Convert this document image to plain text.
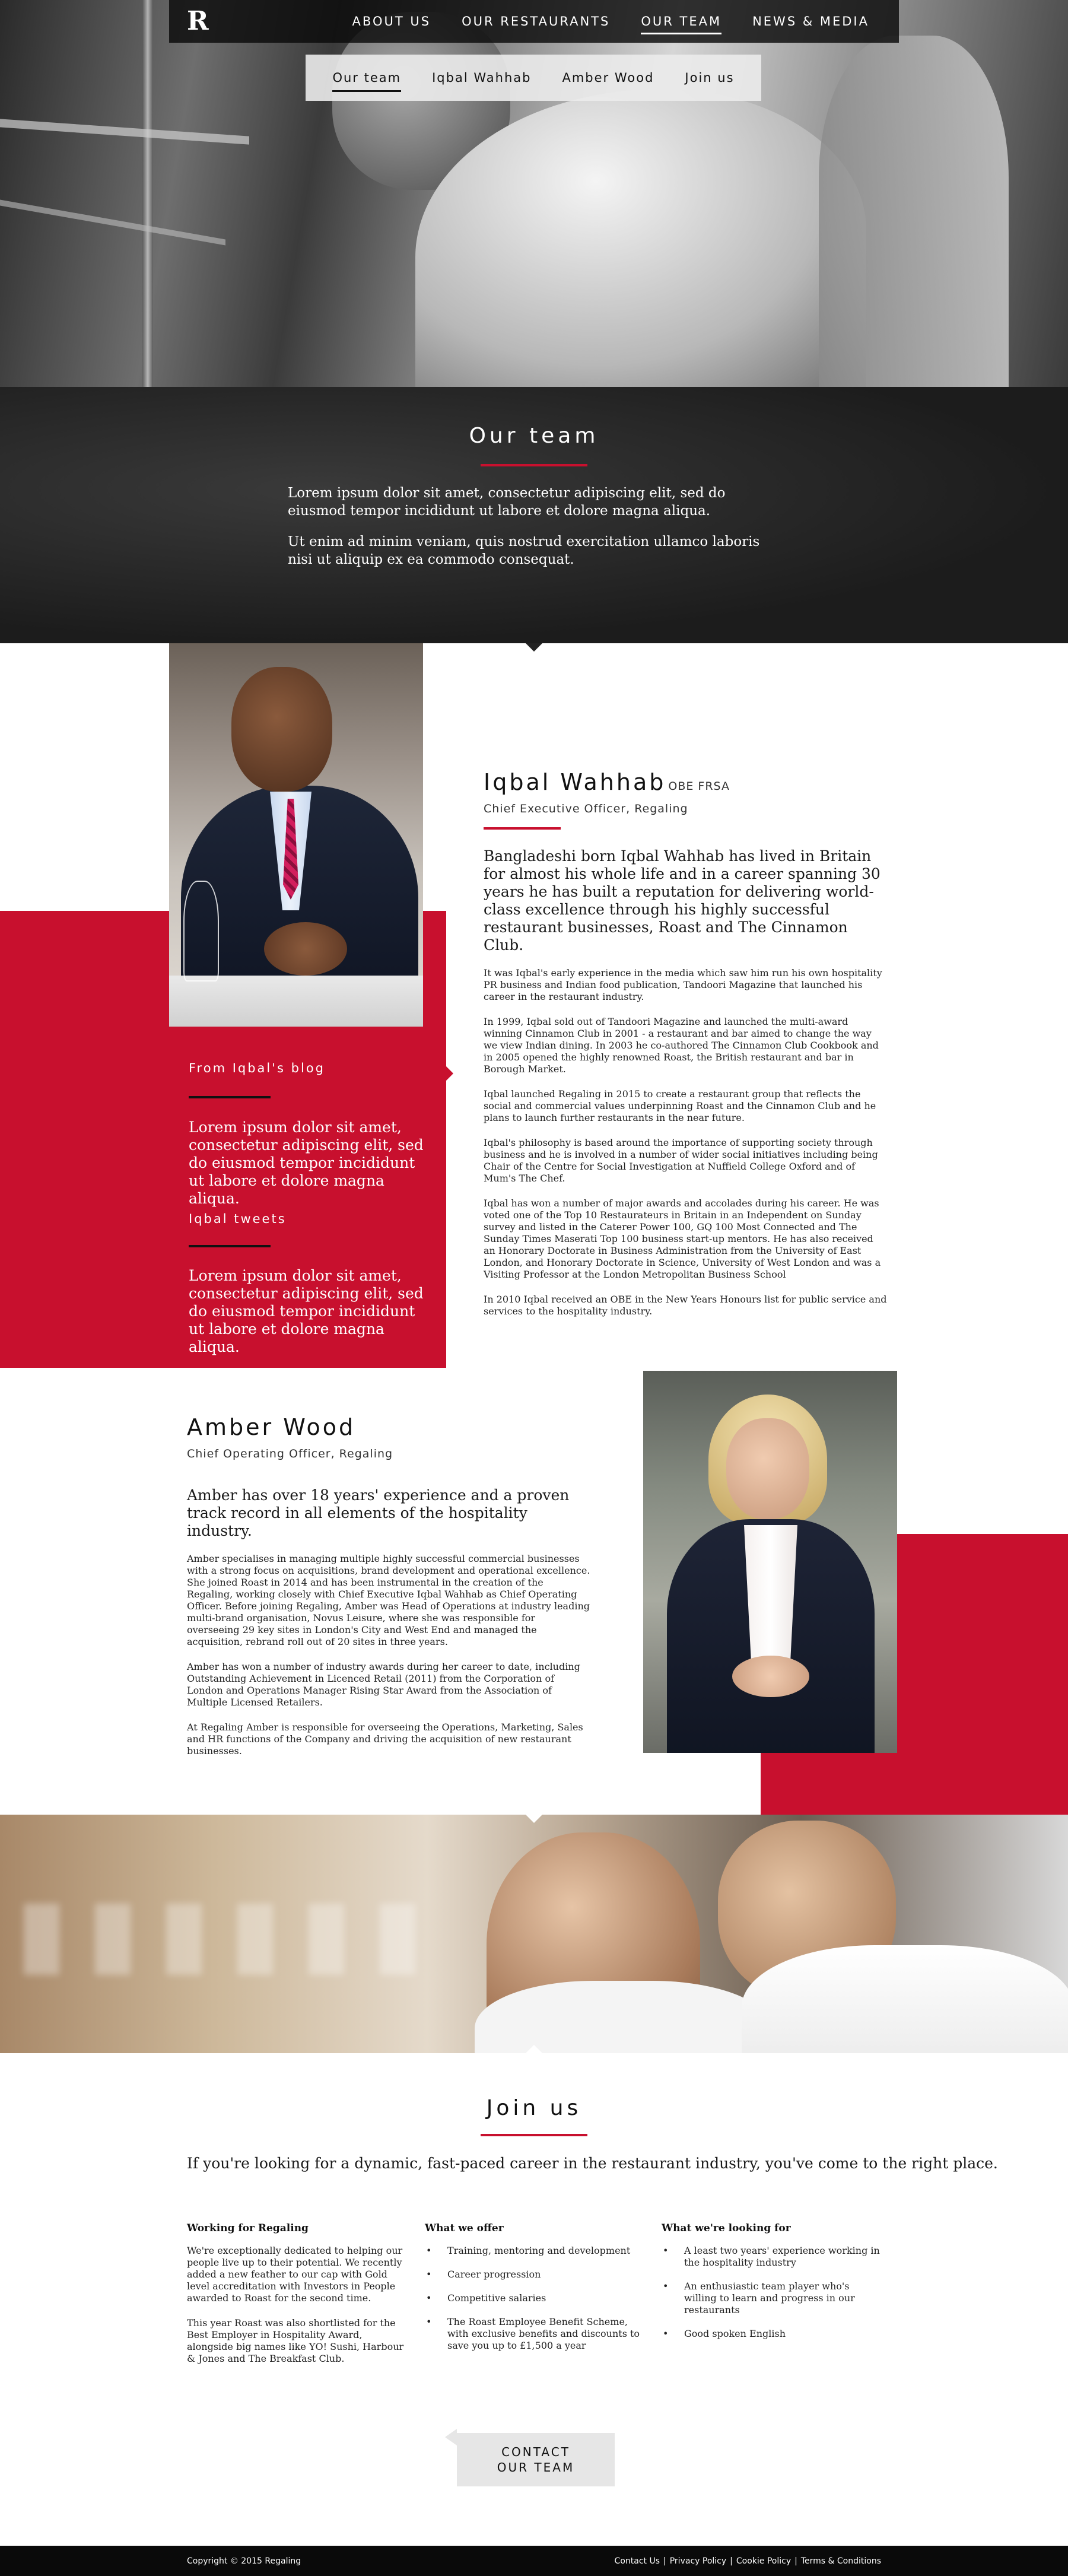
R	ABOUT US OUR RESTAURANTS OUR TEAM NEWS & MEDIA
Our team Iqbal Wahhab Amber Wood Join us
Our team

Lorem ipsum dolor sit amet, consectetur adipiscing elit, sed do eiusmod tempor incididunt ut labore et dolore magna aliqua.

Ut enim ad minim veniam, quis nostrud exercitation ullamco laboris nisi ut aliquip ex ea commodo consequat.

From Iqbal's blog

Lorem ipsum dolor sit amet, consectetur adipiscing elit, sed do eiusmod tempor incididunt ut labore et dolore magna aliqua.

Iqbal tweets

Lorem ipsum dolor sit amet, consectetur adipiscing elit, sed do eiusmod tempor incididunt ut labore et dolore magna aliqua.

Iqbal Wahhab OBE FRSA
Chief Executive Officer, Regaling
Bangladeshi born Iqbal Wahhab has lived in Britain for almost his whole life and in a career spanning 30 years he has built a reputation for delivering world-class excellence through his highly successful restaurant businesses, Roast and The Cinnamon Club.

It was Iqbal's early experience in the media which saw him run his own hospitality PR business and Indian food publication, Tandoori Magazine that launched his career in the restaurant industry.

In 1999, Iqbal sold out of Tandoori Magazine and launched the multi-award winning Cinnamon Club in 2001 - a restaurant and bar aimed to change the way we view Indian dining. In 2003 he co-authored The Cinnamon Club Cookbook and in 2005 opened the highly renowned Roast, the British restaurant and bar in Borough Market.

Iqbal launched Regaling in 2015 to create a restaurant group that reflects the social and commercial values underpinning Roast and the Cinnamon Club and he plans to launch further restaurants in the near future.

Iqbal's philosophy is based around the importance of supporting society through business and he is involved in a number of wider social initiatives including being Chair of the Centre for Social Investigation at Nuffield College Oxford and of Mum's The Chef.

Iqbal has won a number of major awards and accolades during his career. He was voted one of the Top 10 Restaurateurs in Britain in an Independent on Sunday survey and listed in the Caterer Power 100, GQ 100 Most Connected and The Sunday Times Maserati Top 100 business start-up mentors. He has also received an Honorary Doctorate in Business Administration from the University of East London, and Honorary Doctorate in Science, University of West London and was a Visiting Professor at the London Metropolitan Business School

In 2010 Iqbal received an OBE in the New Years Honours list for public service and services to the hospitality industry.

Amber Wood
Chief Operating Officer, Regaling
Amber has over 18 years' experience and a proven track record in all elements of the hospitality industry.

Amber specialises in managing multiple highly successful commercial businesses with a strong focus on acquisitions, brand development and operational excellence. She joined Roast in 2014 and has been instrumental in the creation of the Regaling, working closely with Chief Executive Iqbal Wahhab as Chief Operating Officer. Before joining Regaling, Amber was Head of Operations at industry leading multi-brand organisation, Novus Leisure, where she was responsible for overseeing 29 key sites in London's City and West End and managed the acquisition, rebrand roll out of 20 sites in three years.

Amber has won a number of industry awards during her career to date, including Outstanding Achievement in Licenced Retail (2011) from the Corporation of London and Operations Manager Rising Star Award from the Association of Multiple Licensed Retailers.

At Regaling Amber is responsible for overseeing the Operations, Marketing, Sales and HR functions of the Company and driving the acquisition of new restaurant businesses.

Join us
If you're looking for a dynamic, fast-paced career in the restaurant industry, you've come to the right place.
Working for Regaling

We're exceptionally dedicated to helping our people live up to their potential. We recently added a new feather to our cap with Gold level accreditation with Investors in People awarded to Roast for the second time.

This year Roast was also shortlisted for the Best Employer in Hospitality Award, alongside big names like YO! Sushi, Harbour & Jones and The Breakfast Club.

What we offer
• Training, mentoring and development
• Career progression
• Competitive salaries
• The Roast Employee Benefit Scheme, with exclusive benefits and discounts to save you up to £1,500 a year
What we're looking for
• A least two years' experience working in the hospitality industry
• An enthusiastic team player who's willing to learn and progress in our restaurants
• Good spoken English
CONTACT
OUR TEAM
Copyright © 2015 Regaling	Contact Us | Privacy Policy | Cookie Policy | Terms & Conditions
